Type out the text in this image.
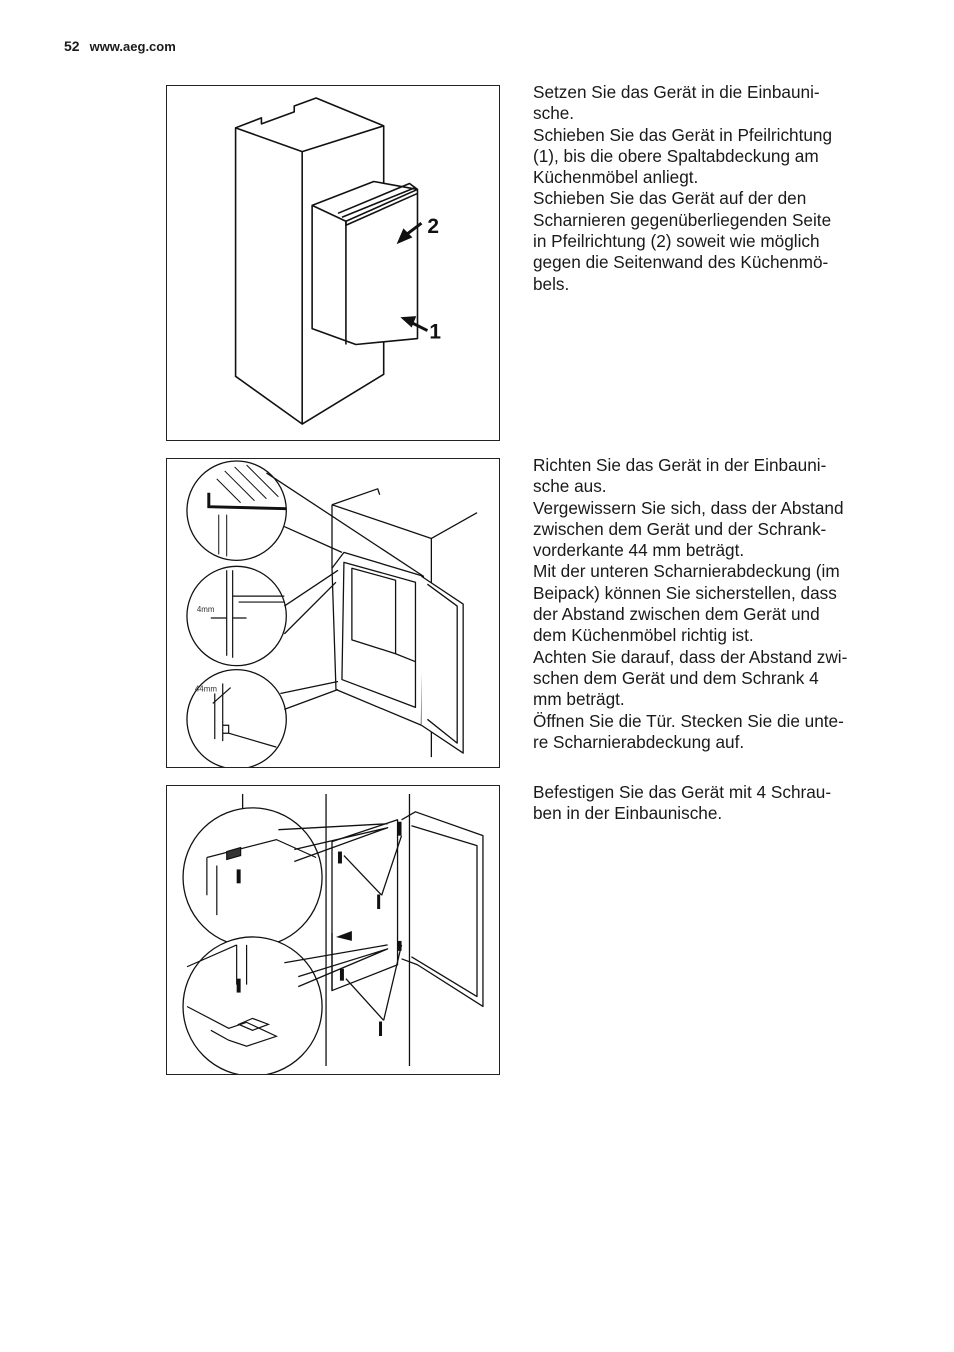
52 www.aeg.com
2
1

Setzen Sie das Gerät in die Einbauni-

sche.

Schieben Sie das Gerät in Pfeilrichtung

(1), bis die obere Spaltabdeckung am

Küchenmöbel anliegt.

Schieben Sie das Gerät auf der den

Scharnieren gegenüberliegenden Seite

in Pfeilrichtung (2) soweit wie möglich

gegen die Seitenwand des Küchenmö-

bels.

4mm
44mm

Richten Sie das Gerät in der Einbauni-

sche aus.

Vergewissern Sie sich, dass der Abstand

zwischen dem Gerät und der Schrank-

vorderkante 44 mm beträgt.

Mit der unteren Scharnierabdeckung (im

Beipack) können Sie sicherstellen, dass

der Abstand zwischen dem Gerät und

dem Küchenmöbel richtig ist.

Achten Sie darauf, dass der Abstand zwi-

schen dem Gerät und dem Schrank 4

mm beträgt.

Öffnen Sie die Tür. Stecken Sie die unte-

re Scharnierabdeckung auf.

I
I

Befestigen Sie das Gerät mit 4 Schrau-

ben in der Einbaunische.
